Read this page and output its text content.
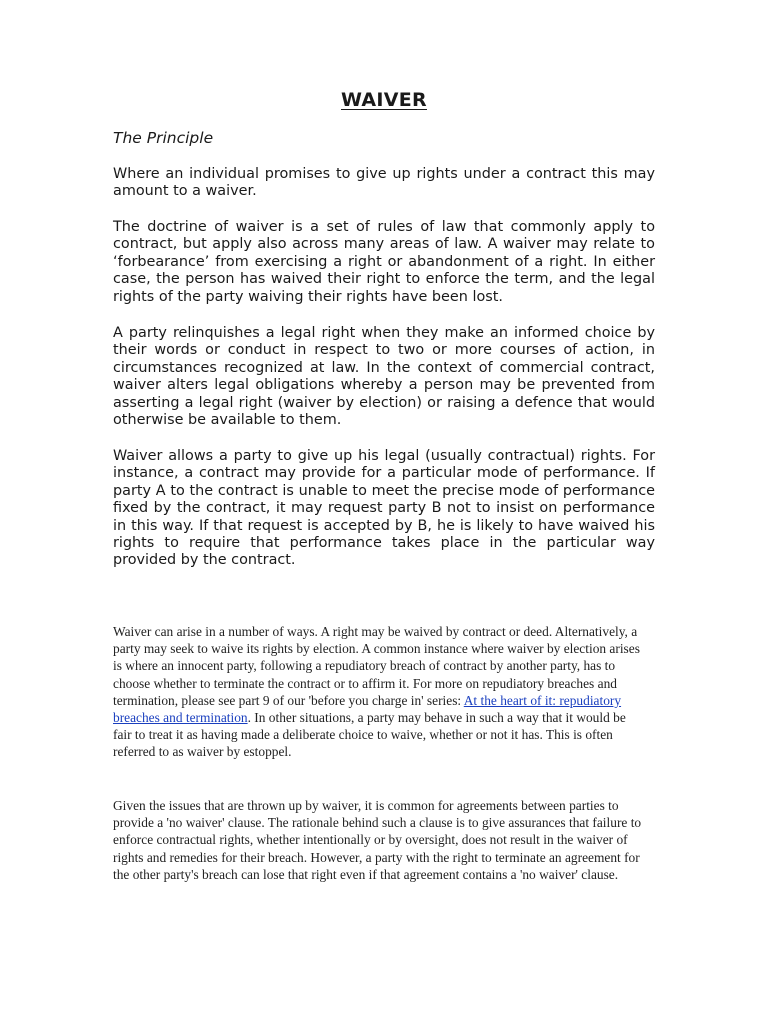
WAIVER
The Principle

Where an individual promises to give up rights under a contract this may amount to a waiver.

The doctrine of waiver is a set of rules of law that commonly apply to contract, but apply also across many areas of law. A waiver may relate to ‘forbearance’ from exercising a right or abandonment of a right. In either case, the person has waived their right to enforce the term, and the legal rights of the party waiving their rights have been lost.

A party relinquishes a legal right when they make an informed choice by their words or conduct in respect to two or more courses of action, in circumstances recognized at law. In the context of commercial contract, waiver alters legal obligations whereby a person may be prevented from asserting a legal right (waiver by election) or raising a defence that would otherwise be available to them.

Waiver allows a party to give up his legal (usually contractual) rights. For instance, a contract may provide for a particular mode of performance. If party A to the contract is unable to meet the precise mode of performance fixed by the contract, it may request party B not to insist on performance in this way. If that request is accepted by B, he is likely to have waived his rights to require that performance takes place in the particular way provided by the contract.

Waiver can arise in a number of ways. A right may be waived by contract or deed. Alternatively, a party may seek to waive its rights by election. A common instance where waiver by election arises is where an innocent party, following a repudiatory breach of contract by another party, has to choose whether to terminate the contract or to affirm it. For more on repudiatory breaches and termination, please see part 9 of our 'before you charge in' series: At the heart of it: repudiatory breaches and termination. In other situations, a party may behave in such a way that it would be fair to treat it as having made a deliberate choice to waive, whether or not it has. This is often referred to as waiver by estoppel.

Given the issues that are thrown up by waiver, it is common for agreements between parties to provide a 'no waiver' clause. The rationale behind such a clause is to give assurances that failure to enforce contractual rights, whether intentionally or by oversight, does not result in the waiver of rights and remedies for their breach. However, a party with the right to terminate an agreement for the other party's breach can lose that right even if that agreement contains a 'no waiver' clause.
